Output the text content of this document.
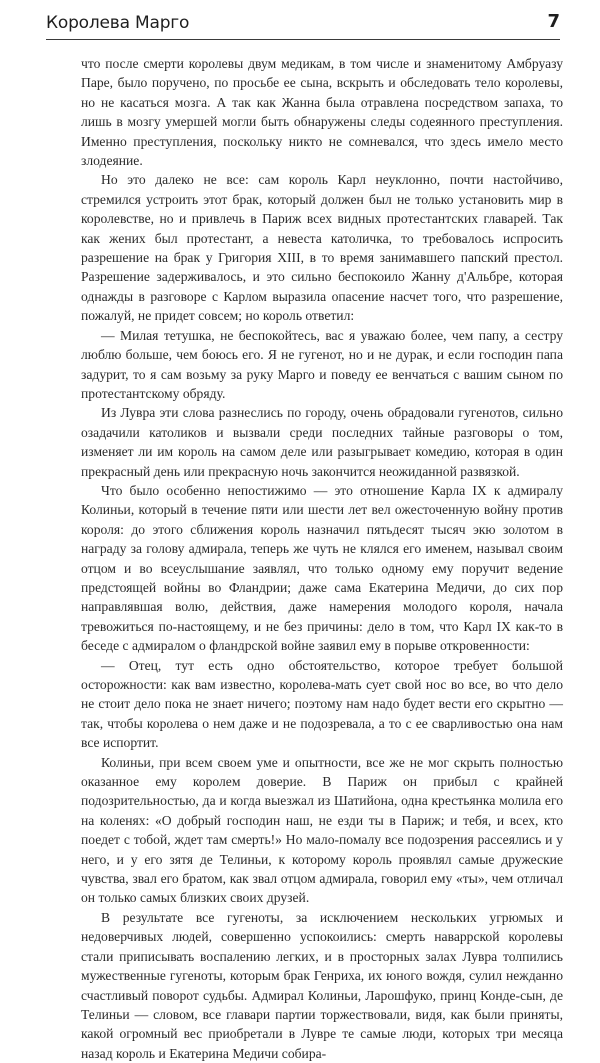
Королева Марго	7

что после смерти королевы двум медикам, в том числе и знаменитому Амбруазу Паре, было поручено, по просьбе ее сына, вскрыть и обследовать тело королевы, но не касаться мозга. А так как Жанна была отравлена посредством запаха, то лишь в мозгу умершей могли быть обнаружены следы содеянного преступления. Именно преступления, поскольку никто не сомневался, что здесь имело место злодеяние.

Но это далеко не все: сам король Карл неуклонно, почти настойчиво, стремился устроить этот брак, который должен был не только установить мир в королевстве, но и привлечь в Париж всех видных протестантских главарей. Так как жених был протестант, а невеста католичка, то требовалось испросить разрешение на брак у Григория XIII, в то время занимавшего папский престол. Разрешение задерживалось, и это сильно беспокоило Жанну д'Альбре, которая однажды в разговоре с Карлом выразила опасение насчет того, что разрешение, пожалуй, не придет совсем; но король ответил:

— Милая тетушка, не беспокойтесь, вас я уважаю более, чем папу, а сестру люблю больше, чем боюсь его. Я не гугенот, но и не дурак, и если господин папа задурит, то я сам возьму за руку Марго и поведу ее венчаться с вашим сыном по протестантскому обряду.

Из Лувра эти слова разнеслись по городу, очень обрадовали гугенотов, сильно озадачили католиков и вызвали среди последних тайные разговоры о том, изменяет ли им король на самом деле или разыгрывает комедию, которая в один прекрасный день или прекрасную ночь закончится неожиданной развязкой.

Что было особенно непостижимо — это отношение Карла IX к адмиралу Колиньи, который в течение пяти или шести лет вел ожесточенную войну против короля: до этого сближения король назначил пятьдесят тысяч экю золотом в награду за голову адмирала, теперь же чуть не клялся его именем, называл своим отцом и во всеуслышание заявлял, что только одному ему поручит ведение предстоящей войны во Фландрии; даже сама Екатерина Медичи, до сих пор направлявшая волю, действия, даже намерения молодого короля, начала тревожиться по-настоящему, и не без причины: дело в том, что Карл IX как-то в беседе с адмиралом о фландрской войне заявил ему в порыве откровенности:

— Отец, тут есть одно обстоятельство, которое требует большой осторожности: как вам известно, королева-мать сует свой нос во все, во что дело не стоит дело пока не знает ничего; поэтому нам надо будет вести его скрытно — так, чтобы королева о нем даже и не подозревала, а то с ее сварливостью она нам все испортит.

Колиньи, при всем своем уме и опытности, все же не мог скрыть полностью оказанное ему королем доверие. В Париж он прибыл с крайней подозрительностью, да и когда выезжал из Шатийона, одна крестьянка молила его на коленях: «О добрый господин наш, не езди ты в Париж; и тебя, и всех, кто поедет с тобой, ждет там смерть!» Но мало-помалу все подозрения рассеялись и у него, и у его зятя де Телиньи, к которому король проявлял самые дружеские чувства, звал его братом, как звал отцом адмирала, говорил ему «ты», чем отличал он только самых близких своих друзей.

В результате все гугеноты, за исключением нескольких угрюмых и недоверчивых людей, совершенно успокоились: смерть наваррской королевы стали приписывать воспалению легких, и в просторных залах Лувра толпились мужественные гугеноты, которым брак Генриха, их юного вождя, сулил нежданно счастливый поворот судьбы. Адмирал Колиньи, Ларошфуко, принц Конде-сын, де Телиньи — словом, все главари партии торжествовали, видя, как были приняты, какой огромный вес приобретали в Лувре те самые люди, которых три месяца назад король и Екатерина Медичи собира-
